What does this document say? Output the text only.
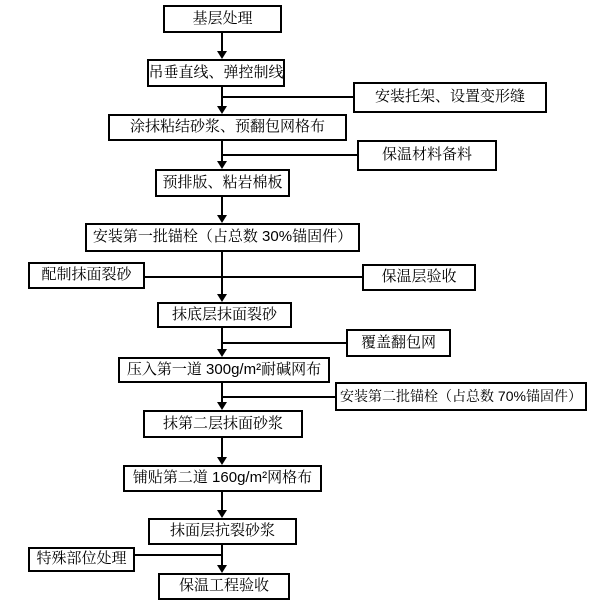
基层处理
吊垂直线、弹控制线
涂抹粘结砂浆、预翻包网格布
预排版、粘岩棉板
安装第一批锚栓（占总数 30%锚固件）
抹底层抹面裂砂
压入第一道 300g/m²耐碱网布
抹第二层抹面砂浆
铺贴第二道 160g/m²网格布
抹面层抗裂砂浆
保温工程验收
安装托架、设置变形缝
保温材料备料
配制抹面裂砂	保温层验收
覆盖翻包网
安装第二批锚栓（占总数 70%锚固件）
特殊部位处理
